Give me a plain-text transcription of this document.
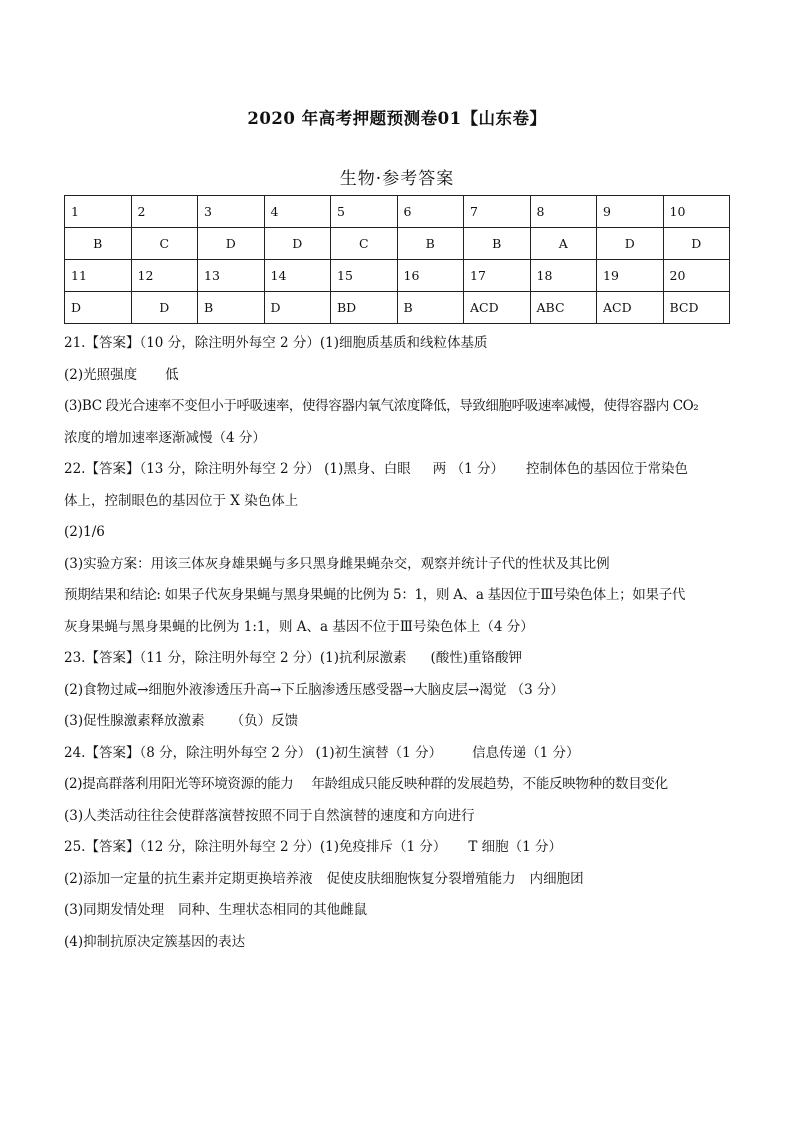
2020 年高考押题预测卷01【山东卷】
生物·参考答案
1	2	3	4	5	6	7	8	9	10
B	C	D	D	C	B	B	A	D	D
11	12	13	14	15	16	17	18	19	20
D	D	B	D	BD	B	ACD	ABC	ACD	BCD
21.【答案】（10 分，除注明外每空 2 分）(1)细胞质基质和线粒体基质
(2)光照强度 低
(3)BC 段光合速率不变但小于呼吸速率，使得容器内氧气浓度降低，导致细胞呼吸速率减慢，使得容器内 CO₂
浓度的增加速率逐渐减慢（4 分）
22.【答案】（13 分，除注明外每空 2 分） (1)黑身、白眼 两 （1 分） 控制体色的基因位于常染色
体上，控制眼色的基因位于 X 染色体上
(2)1/6
(3)实验方案：用该三体灰身雄果蝇与多只黑身雌果蝇杂交，观察并统计子代的性状及其比例
预期结果和结论: 如果子代灰身果蝇与黑身果蝇的比例为 5：1，则 A、a 基因位于Ⅲ号染色体上；如果子代
灰身果蝇与黑身果蝇的比例为 1:1，则 A、a 基因不位于Ⅲ号染色体上（4 分）
23.【答案】（11 分，除注明外每空 2 分）(1)抗利尿激素 (酸性)重铬酸钾
(2)食物过咸→细胞外液渗透压升高→下丘脑渗透压感受器→大脑皮层→渴觉 （3 分）
(3)促性腺激素释放激素 （负）反馈
24.【答案】（8 分，除注明外每空 2 分） (1)初生演替（1 分） 信息传递（1 分）
(2)提高群落利用阳光等环境资源的能力 年龄组成只能反映种群的发展趋势，不能反映物种的数目变化
(3)人类活动往往会使群落演替按照不同于自然演替的速度和方向进行
25.【答案】（12 分，除注明外每空 2 分）(1)免疫排斥（1 分） T 细胞（1 分）
(2)添加一定量的抗生素并定期更换培养液 促使皮肤细胞恢复分裂增殖能力 内细胞团
(3)同期发情处理 同种、生理状态相同的其他雌鼠
(4)抑制抗原决定簇基因的表达
